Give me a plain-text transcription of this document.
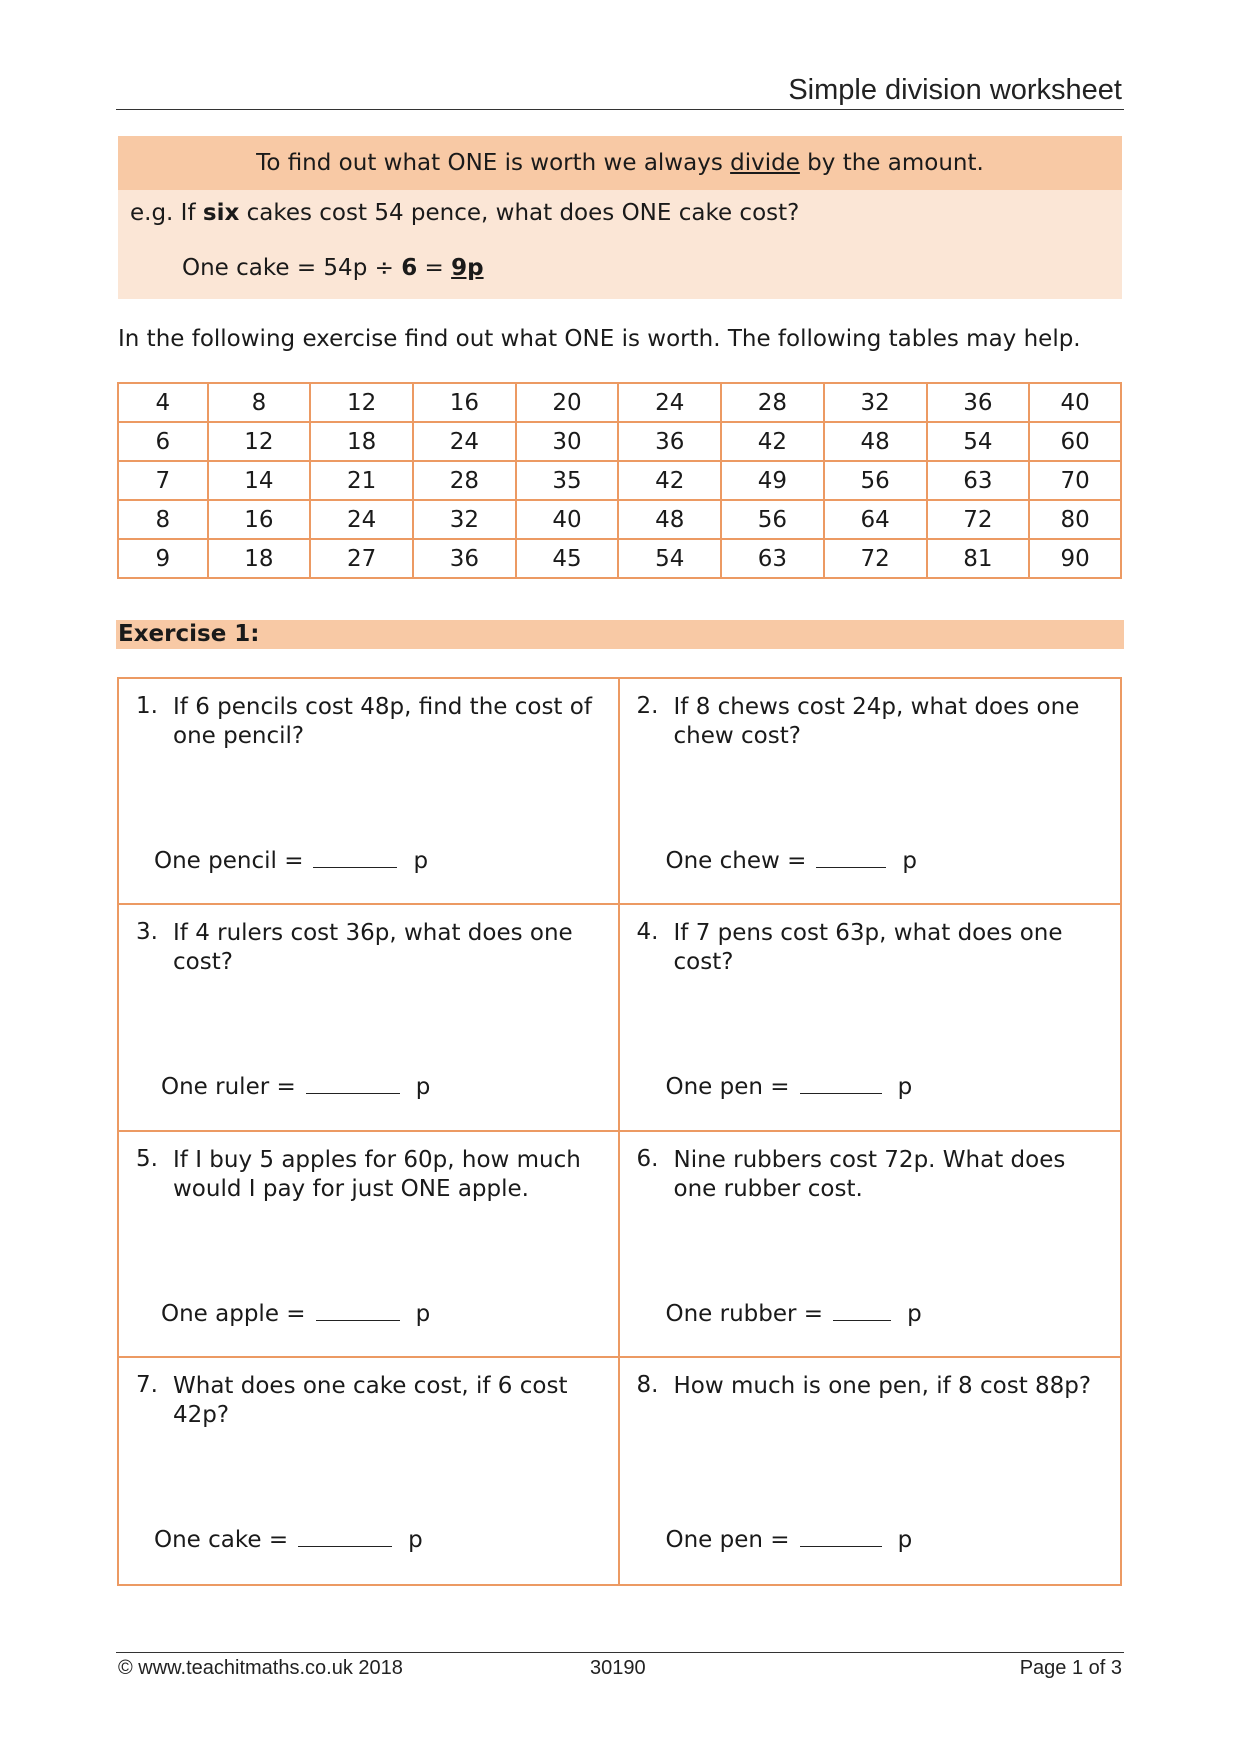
Simple division worksheet
To find out what ONE is worth we always divide by the amount.
e.g. If six cakes cost 54 pence, what does ONE cake cost?
One cake = 54p ÷ 6 = 9p
In the following exercise find out what ONE is worth. The following tables may help.
4	8	12	16	20	24	28	32	36	40
6	12	18	24	30	36	42	48	54	60
7	14	21	28	35	42	49	56	63	70
8	16	24	32	40	48	56	64	72	80
9	18	27	36	45	54	63	72	81	90
Exercise 1:
1. If 6 pencils cost 48p, find the cost of one pencil?
One pencil =	p
2. If 8 chews cost 24p, what does one chew cost?
One chew =	p
3. If 4 rulers cost 36p, what does one cost?
One ruler =	p
4. If 7 pens cost 63p, what does one cost?
One pen =	p
5. If I buy 5 apples for 60p, how much would I pay for just ONE apple.
One apple =	p
6. Nine rubbers cost 72p. What does one rubber cost.
One rubber =	p
7. What does one cake cost, if 6 cost 42p?
One cake =	p
8. How much is one pen, if 8 cost 88p?
One pen =	p
© www.teachitmaths.co.uk 2018	30190	Page 1 of 3
